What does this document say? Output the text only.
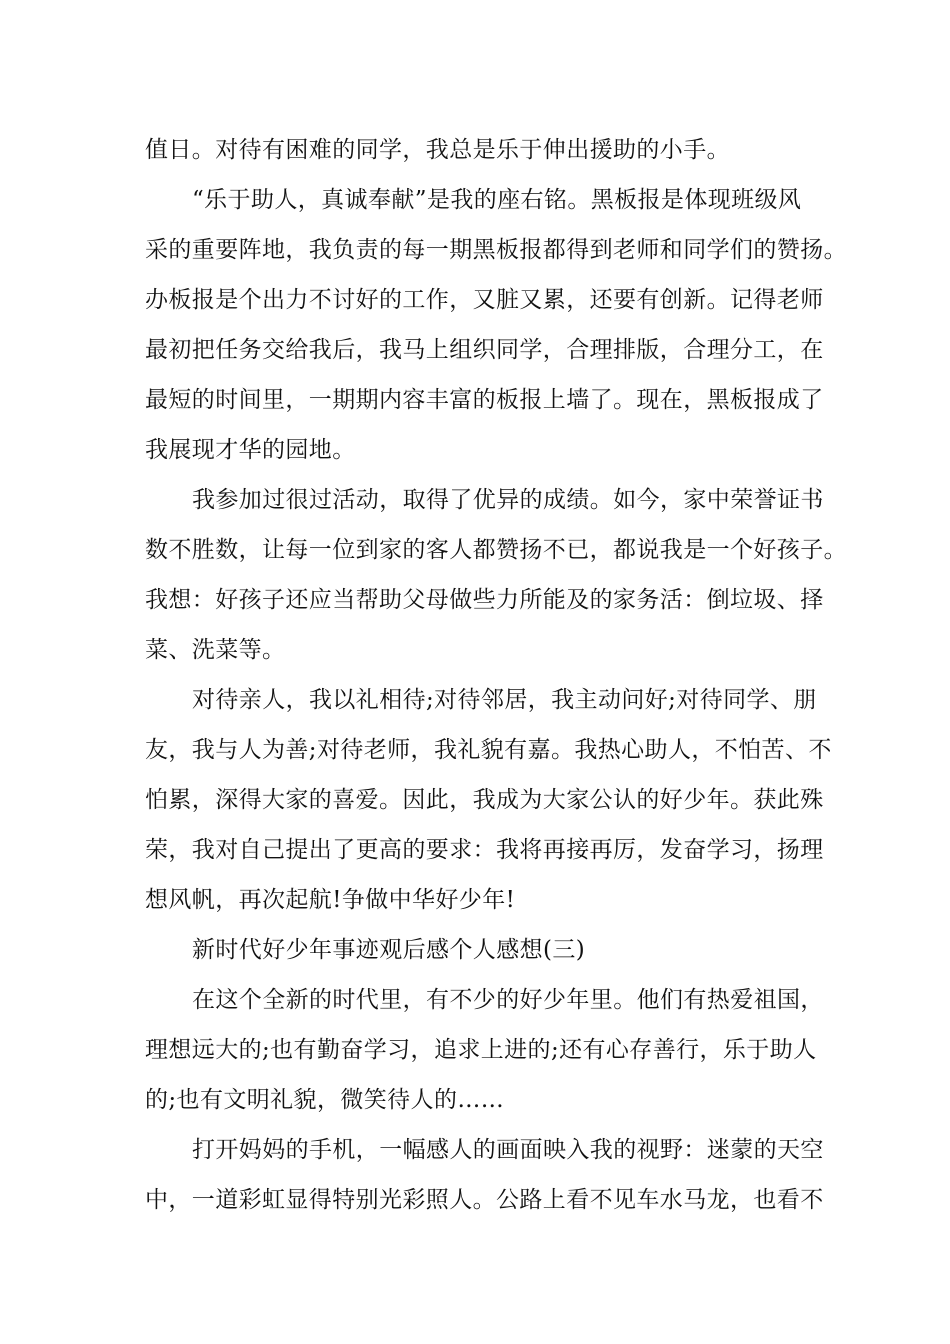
值日。对待有困难的同学，我总是乐于伸出援助的小手。
“乐于助人，真诚奉献”是我的座右铭。黑板报是体现班级风
采的重要阵地，我负责的每一期黑板报都得到老师和同学们的赞扬。
办板报是个出力不讨好的工作，又脏又累，还要有创新。记得老师
最初把任务交给我后，我马上组织同学，合理排版，合理分工，在
最短的时间里，一期期内容丰富的板报上墙了。现在，黑板报成了
我展现才华的园地。
我参加过很过活动，取得了优异的成绩。如今，家中荣誉证书
数不胜数，让每一位到家的客人都赞扬不已，都说我是一个好孩子。
我想：好孩子还应当帮助父母做些力所能及的家务活：倒垃圾、择
菜、洗菜等。
对待亲人，我以礼相待;对待邻居，我主动问好;对待同学、朋
友，我与人为善;对待老师，我礼貌有嘉。我热心助人，不怕苦、不
怕累，深得大家的喜爱。因此，我成为大家公认的好少年。获此殊
荣，我对自己提出了更高的要求：我将再接再厉，发奋学习，扬理
想风帆，再次起航!争做中华好少年!
新时代好少年事迹观后感个人感想(三)
在这个全新的时代里，有不少的好少年里。他们有热爱祖国，
理想远大的;也有勤奋学习，追求上进的;还有心存善行，乐于助人
的;也有文明礼貌，微笑待人的……
打开妈妈的手机，一幅感人的画面映入我的视野：迷蒙的天空
中，一道彩虹显得特别光彩照人。公路上看不见车水马龙，也看不
